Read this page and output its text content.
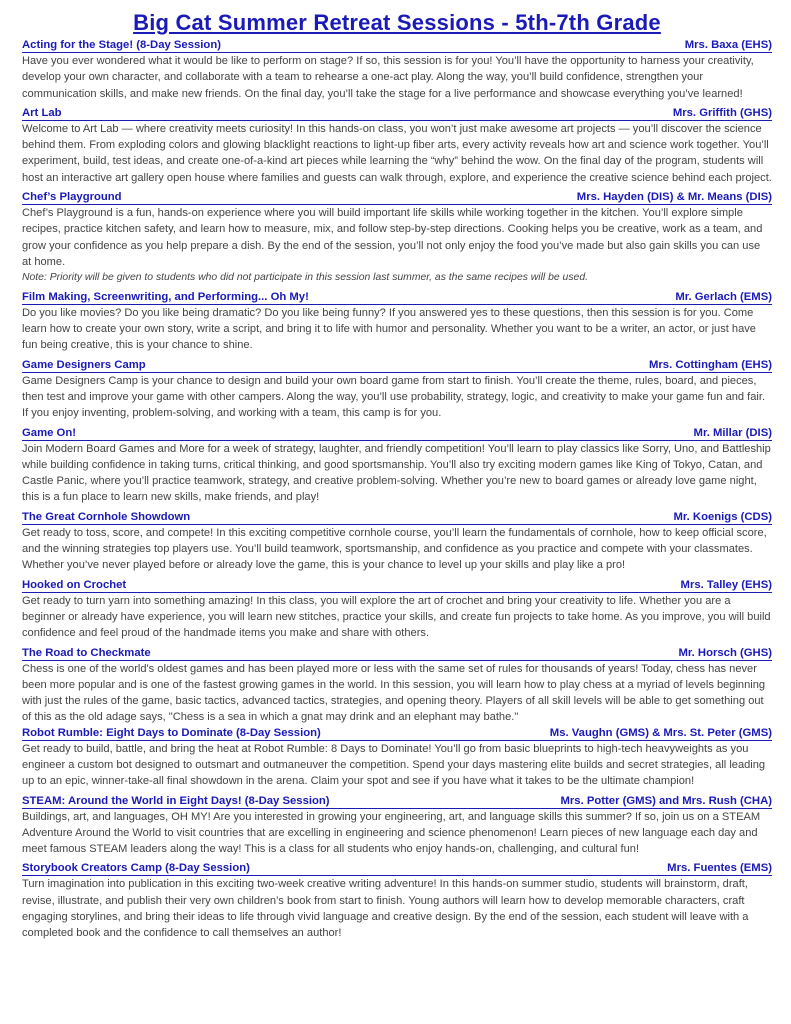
Big Cat Summer Retreat Sessions - 5th-7th Grade
Acting for the Stage! (8-Day Session)	Mrs. Baxa (EHS)

Have you ever wondered what it would be like to perform on stage? If so, this session is for you! You’ll have the opportunity to harness your creativity, develop your own character, and collaborate with a team to rehearse a one-act play. Along the way, you’ll build confidence, strengthen your communication skills, and make new friends. On the final day, you’ll take the stage for a live performance and showcase everything you’ve learned!

Art Lab	Mrs. Griffith (GHS)

Welcome to Art Lab — where creativity meets curiosity! In this hands-on class, you won’t just make awesome art projects — you’ll discover the science behind them. From exploding colors and glowing blacklight reactions to light-up fiber arts, every activity reveals how art and science work together. You’ll experiment, build, test ideas, and create one-of-a-kind art pieces while learning the “why” behind the wow. On the final day of the program, students will host an interactive art gallery open house where families and guests can walk through, explore, and experience the creative science behind each project.

Chef’s Playground	Mrs. Hayden (DIS) & Mr. Means (DIS)

Chef’s Playground is a fun, hands-on experience where you will build important life skills while working together in the kitchen. You’ll explore simple recipes, practice kitchen safety, and learn how to measure, mix, and follow step-by-step directions. Cooking helps you be creative, work as a team, and grow your confidence as you help prepare a dish. By the end of the session, you’ll not only enjoy the food you’ve made but also gain skills you can use at home.

Note: Priority will be given to students who did not participate in this session last summer, as the same recipes will be used.

Film Making, Screenwriting, and Performing... Oh My!	Mr. Gerlach (EMS)

Do you like movies? Do you like being dramatic? Do you like being funny? If you answered yes to these questions, then this session is for you. Come learn how to create your own story, write a script, and bring it to life with humor and personality. Whether you want to be a writer, an actor, or just have fun being creative, this is your chance to shine.

Game Designers Camp	Mrs. Cottingham (EHS)

Game Designers Camp is your chance to design and build your own board game from start to finish. You’ll create the theme, rules, board, and pieces, then test and improve your game with other campers. Along the way, you’ll use probability, strategy, logic, and creativity to make your game fun and fair. If you enjoy inventing, problem-solving, and working with a team, this camp is for you.

Game On!	Mr. Millar (DIS)

Join Modern Board Games and More for a week of strategy, laughter, and friendly competition! You’ll learn to play classics like Sorry, Uno, and Battleship while building confidence in taking turns, critical thinking, and good sportsmanship. You’ll also try exciting modern games like King of Tokyo, Catan, and Castle Panic, where you’ll practice teamwork, strategy, and creative problem-solving. Whether you’re new to board games or already love game night, this is a fun place to learn new skills, make friends, and play!

The Great Cornhole Showdown	Mr. Koenigs (CDS)

Get ready to toss, score, and compete! In this exciting competitive cornhole course, you’ll learn the fundamentals of cornhole, how to keep official score, and the winning strategies top players use. You’ll build teamwork, sportsmanship, and confidence as you practice and compete with your classmates. Whether you’ve never played before or already love the game, this is your chance to level up your skills and play like a pro!

Hooked on Crochet	Mrs. Talley (EHS)

Get ready to turn yarn into something amazing! In this class, you will explore the art of crochet and bring your creativity to life. Whether you are a beginner or already have experience, you will learn new stitches, practice your skills, and create fun projects to take home. As you improve, you will build confidence and feel proud of the handmade items you make and share with others.

The Road to Checkmate	Mr. Horsch (GHS)

Chess is one of the world's oldest games and has been played more or less with the same set of rules for thousands of years! Today, chess has never been more popular and is one of the fastest growing games in the world. In this session, you will learn how to play chess at a myriad of levels beginning with just the rules of the game, basic tactics, advanced tactics, strategies, and opening theory. Players of all skill levels will be able to get something out of this as the old adage says, "Chess is a sea in which a gnat may drink and an elephant may bathe."

Robot Rumble: Eight Days to Dominate (8-Day Session)	Ms. Vaughn (GMS) & Mrs. St. Peter (GMS)

Get ready to build, battle, and bring the heat at Robot Rumble: 8 Days to Dominate! You’ll go from basic blueprints to high-tech heavyweights as you engineer a custom bot designed to outsmart and outmaneuver the competition. Spend your days mastering elite builds and secret strategies, all leading up to an epic, winner-take-all final showdown in the arena. Claim your spot and see if you have what it takes to be the ultimate champion!

STEAM: Around the World in Eight Days! (8-Day Session)	Mrs. Potter (GMS) and Mrs. Rush (CHA)

Buildings, art, and languages, OH MY! Are you interested in growing your engineering, art, and language skills this summer? If so, join us on a STEAM Adventure Around the World to visit countries that are excelling in engineering and science phenomenon! Learn pieces of new language each day and meet famous STEAM leaders along the way! This is a class for all students who enjoy hands-on, challenging, and cultural fun!

Storybook Creators Camp (8-Day Session)	Mrs. Fuentes (EMS)

Turn imagination into publication in this exciting two-week creative writing adventure! In this hands-on summer studio, students will brainstorm, draft, revise, illustrate, and publish their very own children’s book from start to finish. Young authors will learn how to develop memorable characters, craft engaging storylines, and bring their ideas to life through vivid language and creative design. By the end of the session, each student will leave with a completed book and the confidence to call themselves an author!
